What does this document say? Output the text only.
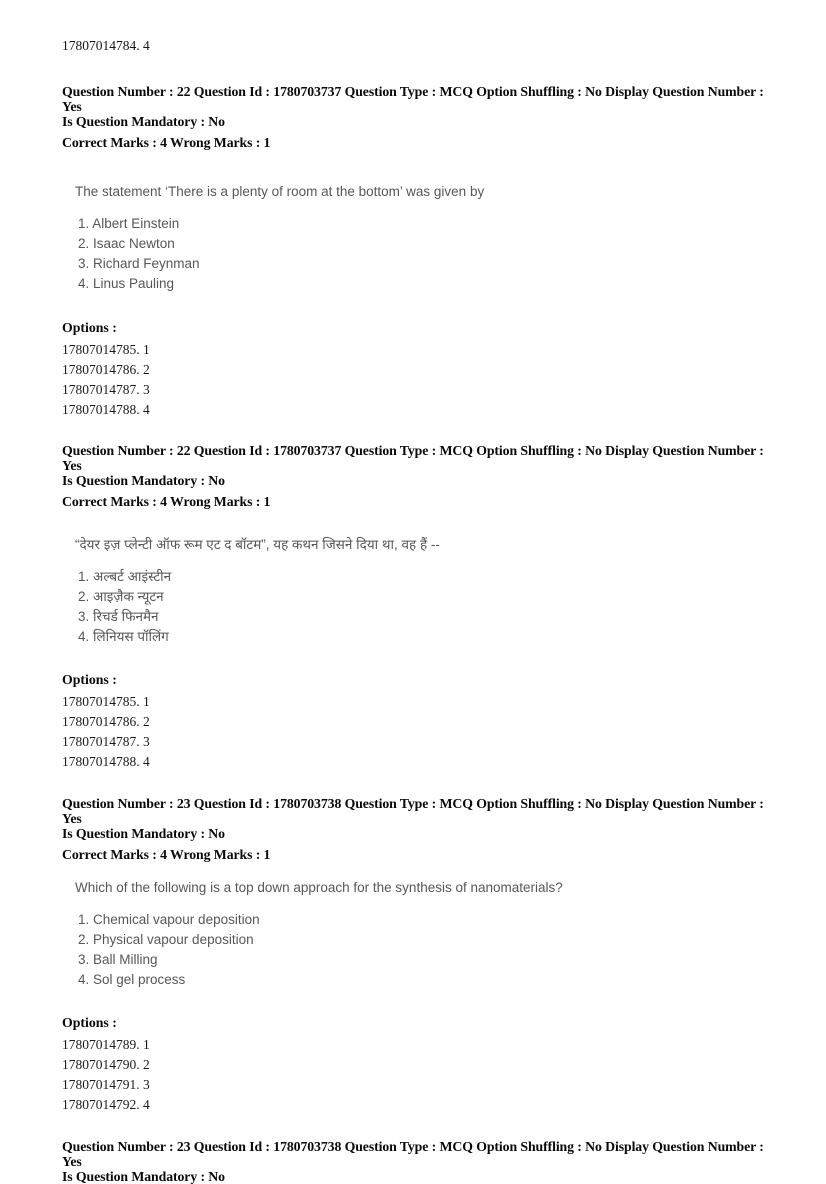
17807014784. 4
Question Number : 22 Question Id : 1780703737 Question Type : MCQ Option Shuffling : No Display Question Number : Yes
Is Question Mandatory : No
Correct Marks : 4 Wrong Marks : 1
The statement ‘There is a plenty of room at the bottom’ was given by
1. Albert Einstein
2. Isaac Newton
3. Richard Feynman
4. Linus Pauling
Options :
17807014785. 1
17807014786. 2
17807014787. 3
17807014788. 4
Question Number : 22 Question Id : 1780703737 Question Type : MCQ Option Shuffling : No Display Question Number : Yes
Is Question Mandatory : No
Correct Marks : 4 Wrong Marks : 1
“देयर इज़ प्लेन्टी ऑफ रूम एट द बॉटम”, यह कथन जिसने दिया था, वह हैं --
1. अल्बर्ट आइंस्टीन
2. आइज़ैक न्यूटन
3. रिचर्ड फिनमैन
4. लिनियस पॉलिंग
Options :
17807014785. 1
17807014786. 2
17807014787. 3
17807014788. 4
Question Number : 23 Question Id : 1780703738 Question Type : MCQ Option Shuffling : No Display Question Number : Yes
Is Question Mandatory : No
Correct Marks : 4 Wrong Marks : 1
Which of the following is a top down approach for the synthesis of nanomaterials?
1. Chemical vapour deposition
2. Physical vapour deposition
3. Ball Milling
4. Sol gel process
Options :
17807014789. 1
17807014790. 2
17807014791. 3
17807014792. 4
Question Number : 23 Question Id : 1780703738 Question Type : MCQ Option Shuffling : No Display Question Number : Yes
Is Question Mandatory : No
